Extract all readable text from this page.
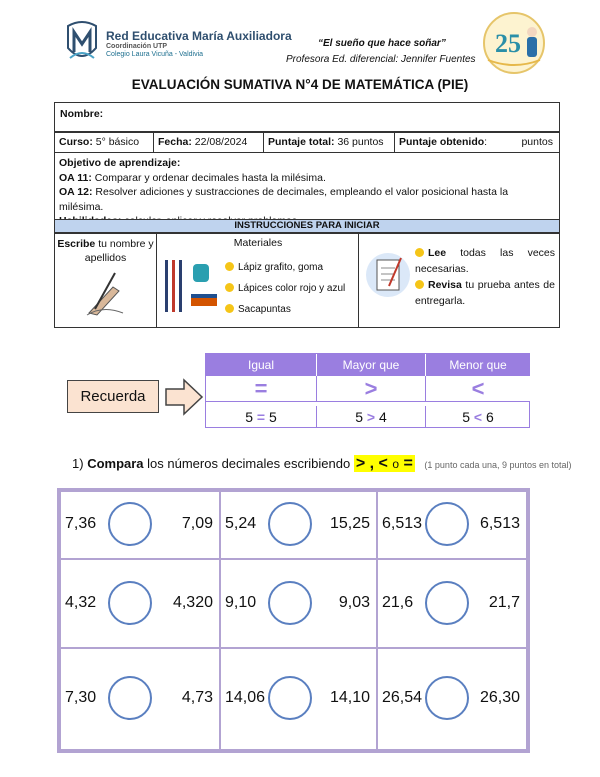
Red Educativa María Auxiliadora
Coordinación UTP
Colegio Laura Vicuña - Valdivia
“El sueño que hace soñar”
Profesora Ed. diferencial: Jennifer Fuentes
25
EVALUACIÓN SUMATIVA N°4 DE MATEMÁTICA (PIE)
Nombre:
Curso: 5° básico	Fecha: 22/08/2024	Puntaje total: 36 puntos	Puntaje obtenido:	puntos
Objetivo de aprendizaje:
OA 11: Comparar y ordenar decimales hasta la milésima.
OA 12: Resolver adiciones y sustracciones de decimales, empleando el valor posicional hasta la milésima.
INSTRUCCIONES PARA INICIAR
Escribe tu nombre y apellidos
Materiales
Lápiz grafito, goma
Lápices color rojo y azul
Sacapuntas
Lee todas las veces necesarias.
Revisa tu prueba antes de entregarla.
Recuerda
Igual	Mayor que	Menor que
=	>	<
5 = 5	5 > 4	5 < 6
1) Compara los números decimales escribiendo > , < o = (1 punto cada una, 9 puntos en total)
7,36	7,09 5,24	15,25 6,513	6,513
4,32	4,320 9,10	9,03 21,6	21,7
7,30	4,73 14,06	14,10 26,54	26,30
